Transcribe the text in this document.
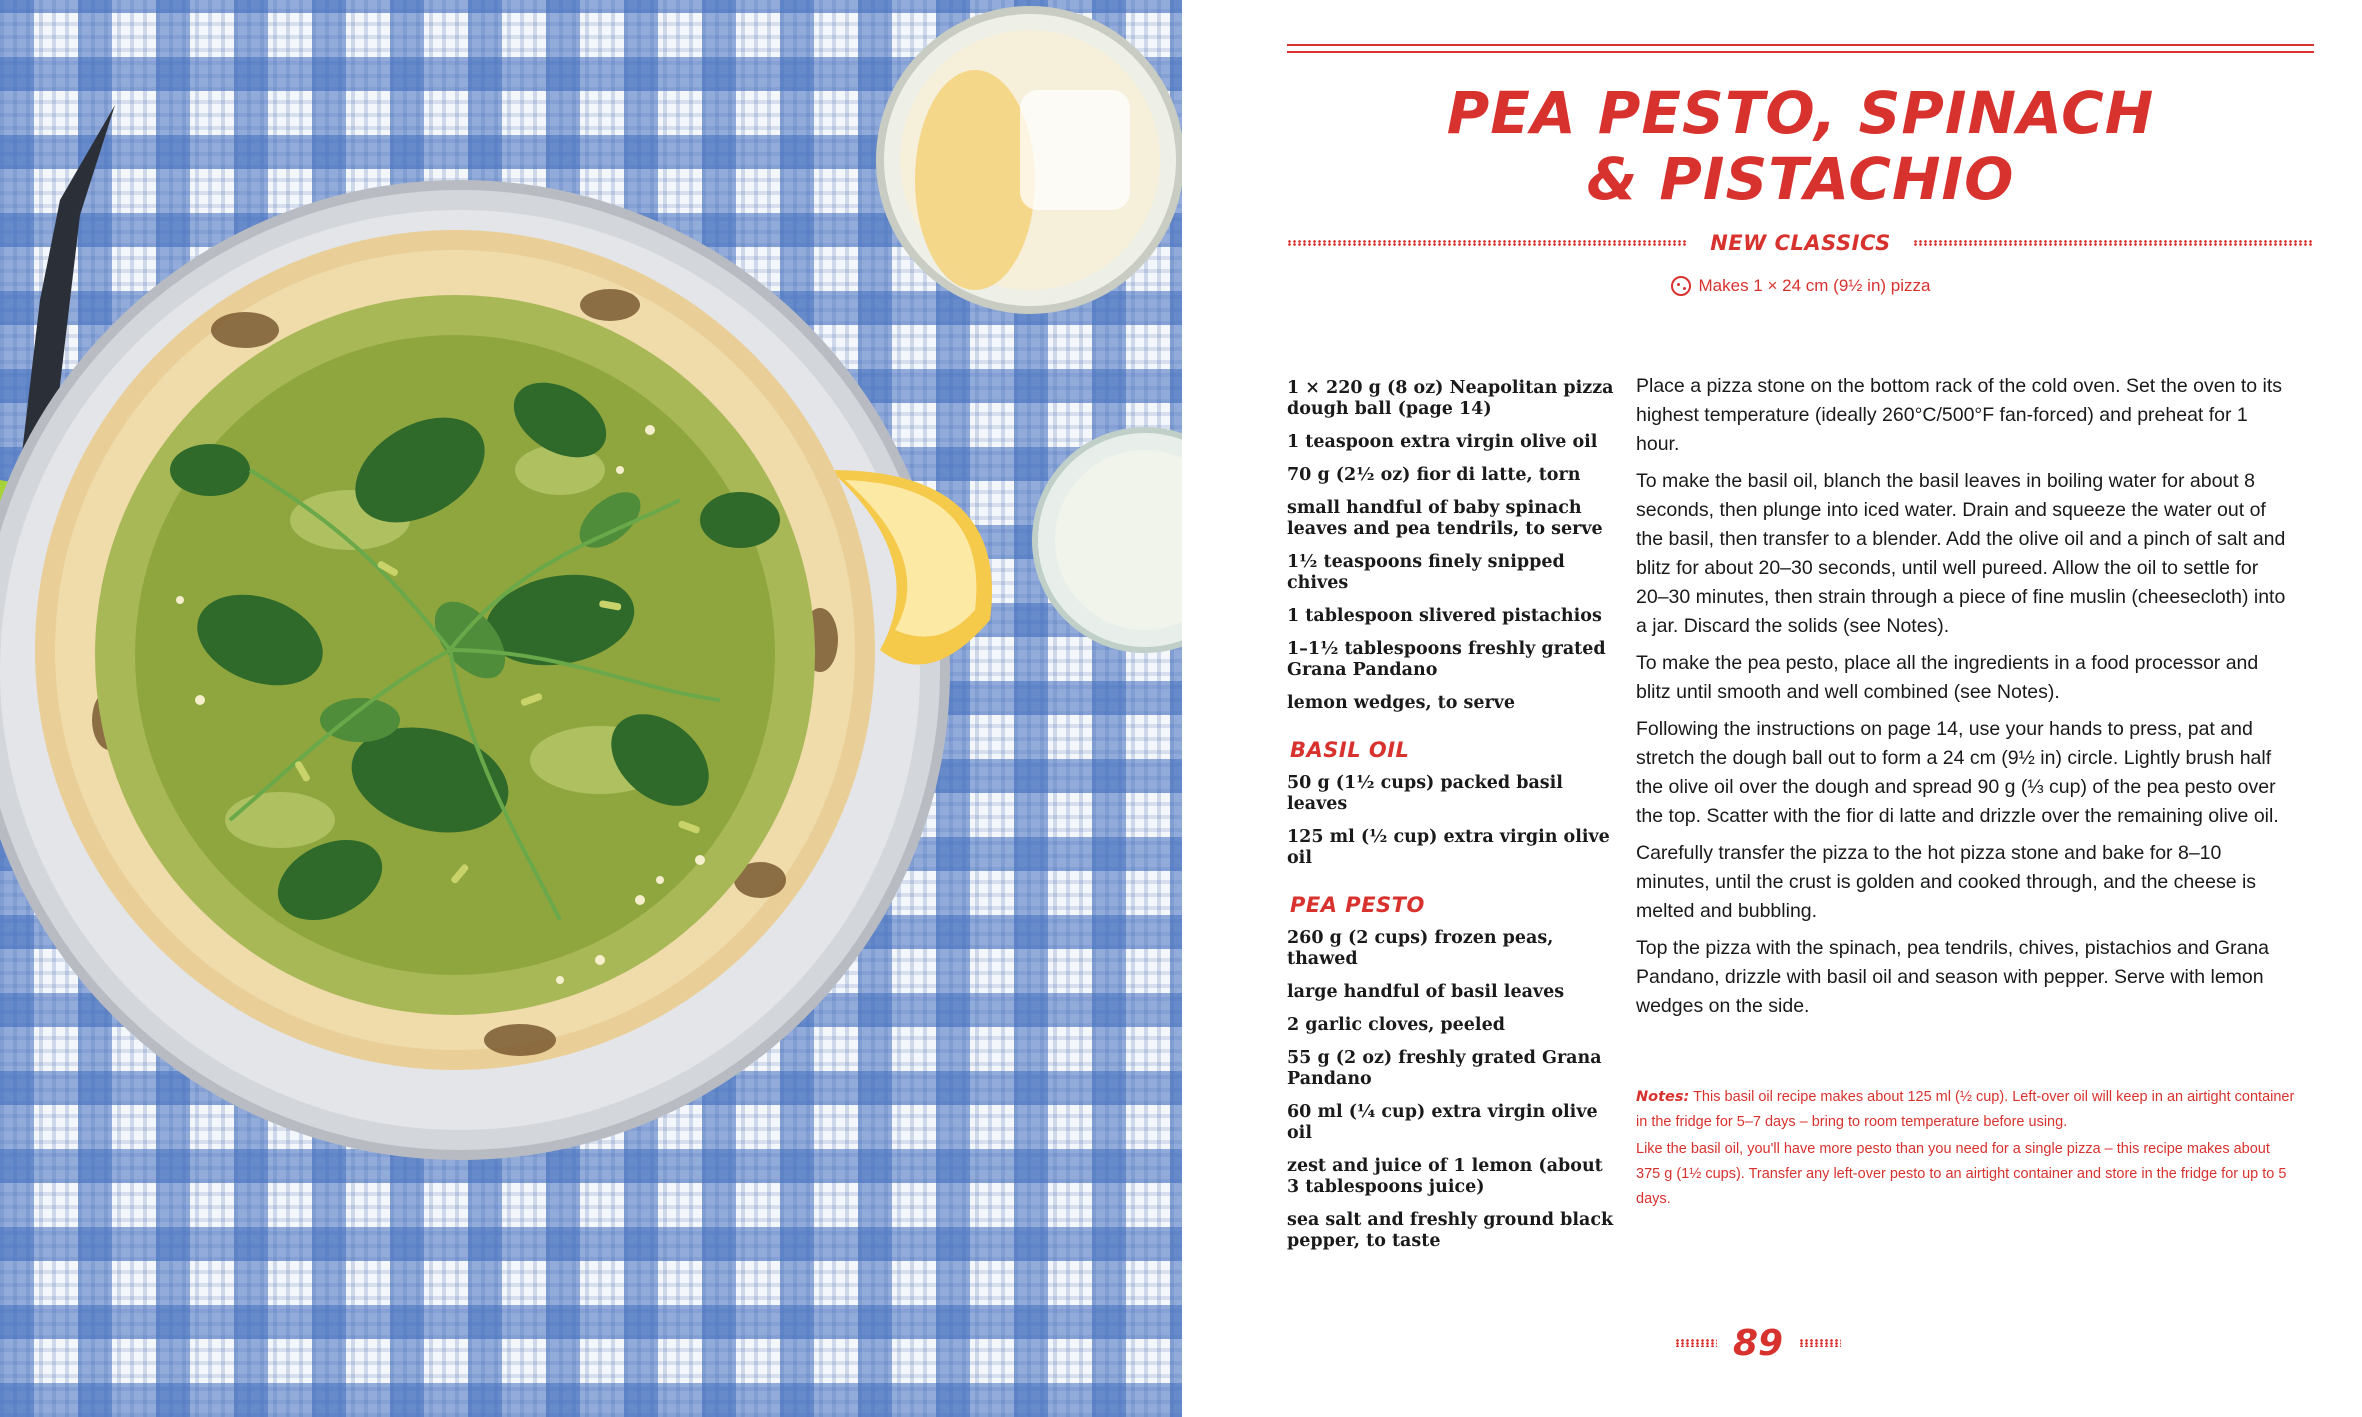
PEA PESTO, SPINACH
& PISTACHIO
NEW CLASSICS
Makes 1 × 24 cm (9½ in) pizza
1 × 220 g (8 oz) Neapolitan pizza dough ball (page 14)
1 teaspoon extra virgin olive oil
70 g (2½ oz) fior di latte, torn
small handful of baby spinach leaves and pea tendrils, to serve
1½ teaspoons finely snipped chives
1 tablespoon slivered pistachios
1–1½ tablespoons freshly grated Grana Pandano
lemon wedges, to serve
BASIL OIL
50 g (1½ cups) packed basil leaves
125 ml (½ cup) extra virgin olive oil
PEA PESTO
260 g (2 cups) frozen peas, thawed
large handful of basil leaves
2 garlic cloves, peeled
55 g (2 oz) freshly grated Grana Pandano
60 ml (¼ cup) extra virgin olive oil
zest and juice of 1 lemon (about 3 tablespoons juice)
sea salt and freshly ground black pepper, to taste

Place a pizza stone on the bottom rack of the cold oven. Set the oven to its highest temperature (ideally 260°C/500°F fan-forced) and preheat for 1 hour.

To make the basil oil, blanch the basil leaves in boiling water for about 8 seconds, then plunge into iced water. Drain and squeeze the water out of the basil, then transfer to a blender. Add the olive oil and a pinch of salt and blitz for about 20–30 seconds, until well pureed. Allow the oil to settle for 20–30 minutes, then strain through a piece of fine muslin (cheesecloth) into a jar. Discard the solids (see Notes).

To make the pea pesto, place all the ingredients in a food processor and blitz until smooth and well combined (see Notes).

Following the instructions on page 14, use your hands to press, pat and stretch the dough ball out to form a 24 cm (9½ in) circle. Lightly brush half the olive oil over the dough and spread 90 g (⅓ cup) of the pea pesto over the top. Scatter with the fior di latte and drizzle over the remaining olive oil.

Carefully transfer the pizza to the hot pizza stone and bake for 8–10 minutes, until the crust is golden and cooked through, and the cheese is melted and bubbling.

Top the pizza with the spinach, pea tendrils, chives, pistachios and Grana Pandano, drizzle with basil oil and season with pepper. Serve with lemon wedges on the side.

Notes: This basil oil recipe makes about 125 ml (½ cup). Left-over oil will keep in an airtight container in the fridge for 5–7 days – bring to room temperature before using.

Like the basil oil, you'll have more pesto than you need for a single pizza – this recipe makes about 375 g (1½ cups). Transfer any left-over pesto to an airtight container and store in the fridge for up to 5 days.

89
